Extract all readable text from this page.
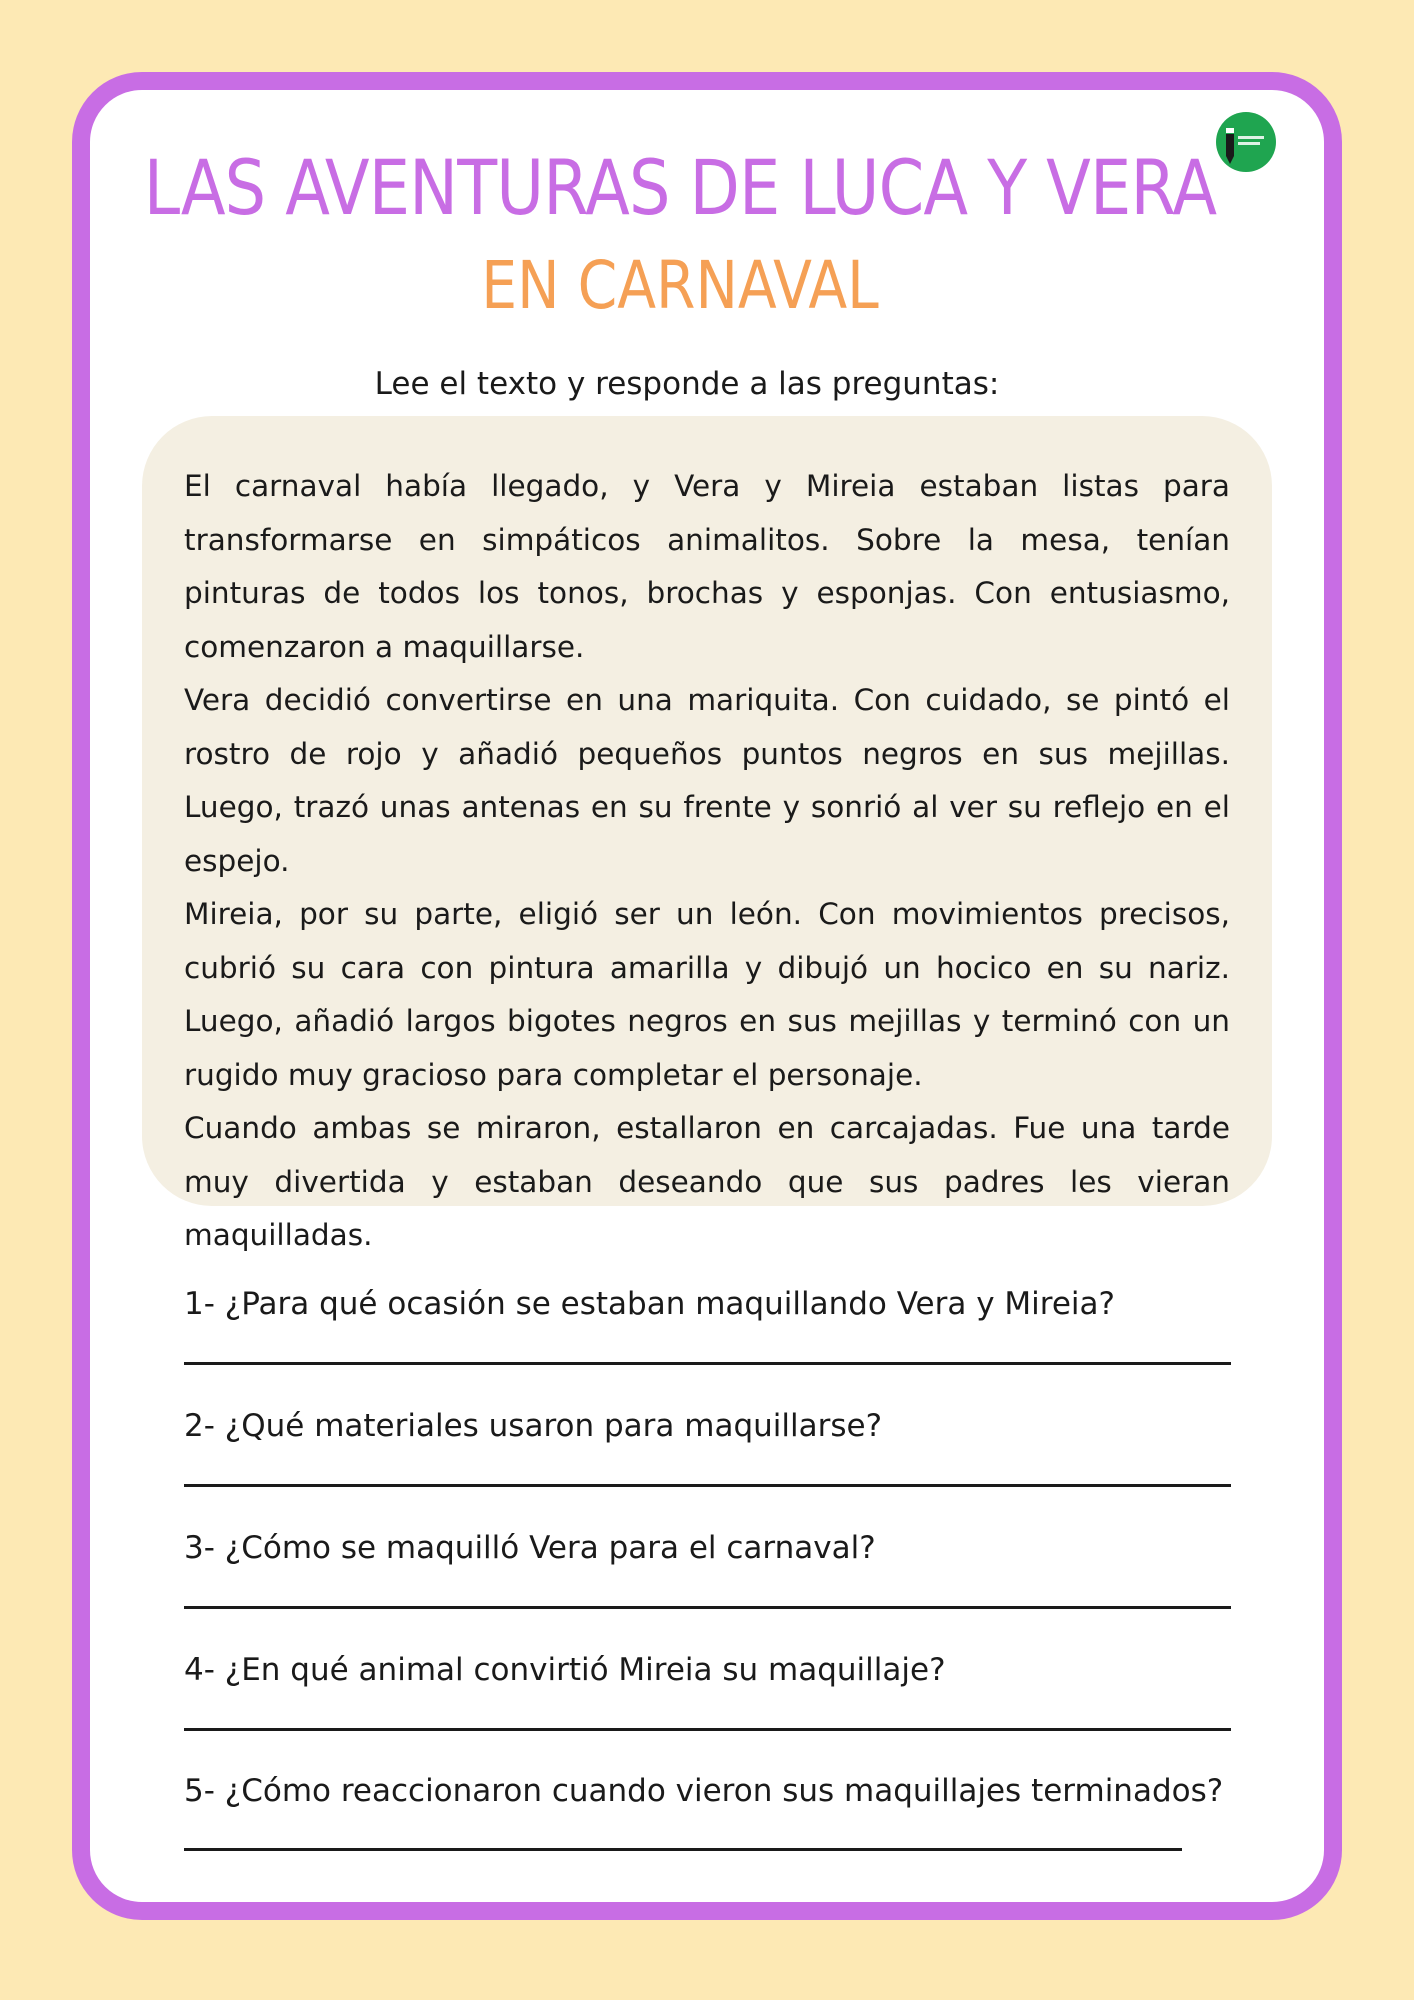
LAS AVENTURAS DE LUCA Y VERA
EN CARNAVAL
Lee el texto y responde a las preguntas:

El carnaval había llegado, y Vera y Mireia estaban listas para transformarse en simpáticos animalitos. Sobre la mesa, tenían pinturas de todos los tonos, brochas y esponjas. Con entusiasmo, comenzaron a maquillarse.

Vera decidió convertirse en una mariquita. Con cuidado, se pintó el rostro de rojo y añadió pequeños puntos negros en sus mejillas. Luego, trazó unas antenas en su frente y sonrió al ver su reflejo en el espejo.

Mireia, por su parte, eligió ser un león. Con movimientos precisos, cubrió su cara con pintura amarilla y dibujó un hocico en su nariz. Luego, añadió largos bigotes negros en sus mejillas y terminó con un rugido muy gracioso para completar el personaje.

Cuando ambas se miraron, estallaron en carcajadas. Fue una tarde muy divertida y estaban deseando que sus padres les vieran maquilladas.

1- ¿Para qué ocasión se estaban maquillando Vera y Mireia?
2- ¿Qué materiales usaron para maquillarse?
3- ¿Cómo se maquilló Vera para el carnaval?
4- ¿En qué animal convirtió Mireia su maquillaje?
5- ¿Cómo reaccionaron cuando vieron sus maquillajes terminados?
